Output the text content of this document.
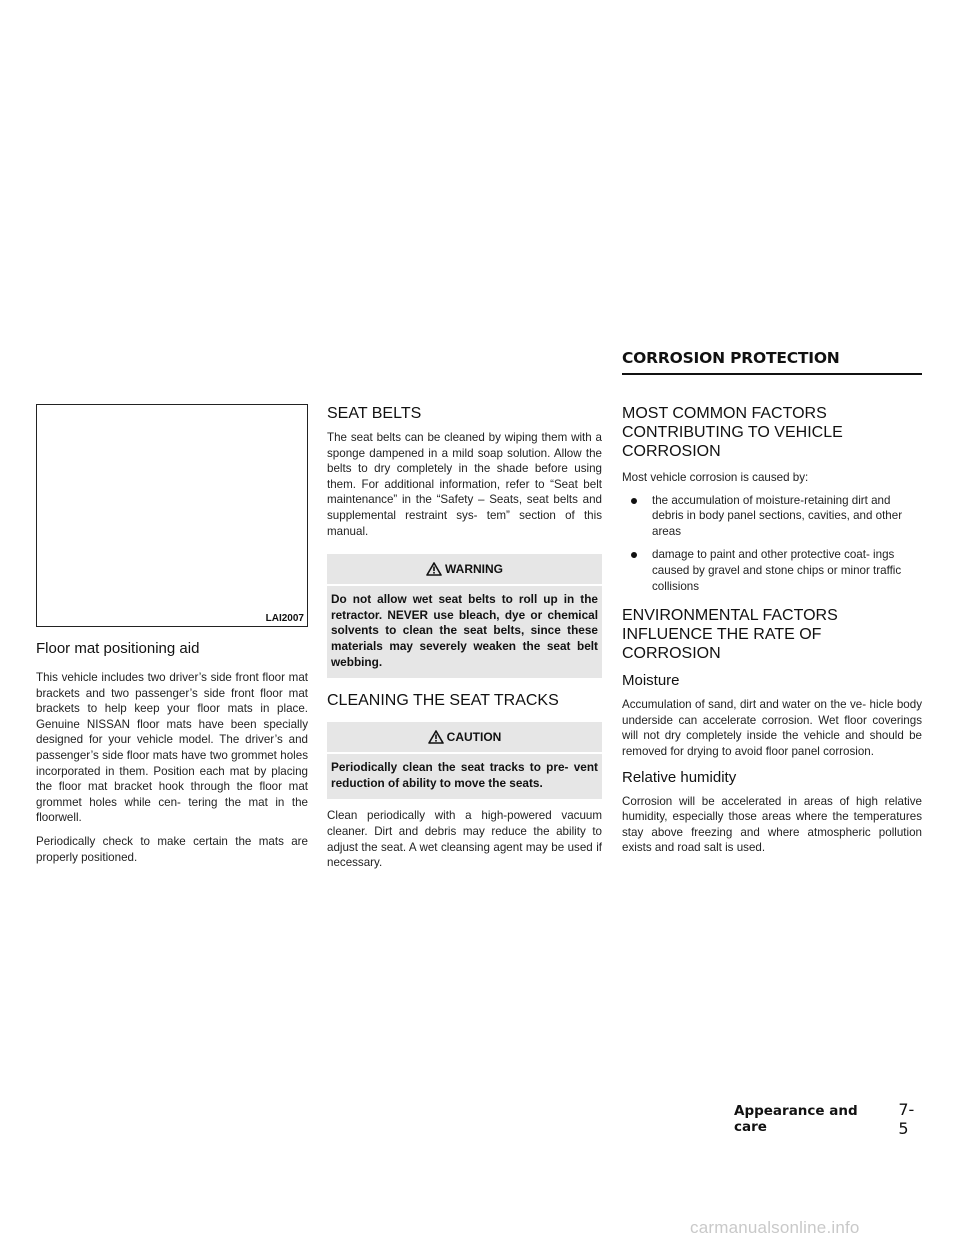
CORROSION PROTECTION
LAI2007
Floor mat positioning aid

This vehicle includes two driver’s side front floor mat brackets and two passenger’s side front floor mat brackets to help keep your floor mats in place. Genuine NISSAN floor mats have been specially designed for your vehicle model. The driver’s and passenger’s side floor mats have two grommet holes incorporated in them. Position each mat by placing the floor mat bracket hook through the floor mat grommet holes while cen- tering the mat in the floorwell.

Periodically check to make certain the mats are properly positioned.

SEAT BELTS

The seat belts can be cleaned by wiping them with a sponge dampened in a mild soap solution. Allow the belts to dry completely in the shade before using them. For additional information, refer to “Seat belt maintenance” in the “Safety – Seats, seat belts and supplemental restraint sys- tem” section of this manual.

WARNING
Do not allow wet seat belts to roll up in the retractor. NEVER use bleach, dye or chemical solvents to clean the seat belts, since these materials may severely weaken the seat belt webbing.
CLEANING THE SEAT TRACKS
CAUTION
Periodically clean the seat tracks to pre- vent reduction of ability to move the seats.

Clean periodically with a high-powered vacuum cleaner. Dirt and debris may reduce the ability to adjust the seat. A wet cleansing agent may be used if necessary.

MOST COMMON FACTORS CONTRIBUTING TO VEHICLE CORROSION

Most vehicle corrosion is caused by:

the accumulation of moisture-retaining dirt and debris in body panel sections, cavities, and other areas
damage to paint and other protective coat- ings caused by gravel and stone chips or minor traffic collisions
ENVIRONMENTAL FACTORS INFLUENCE THE RATE OF CORROSION
Moisture

Accumulation of sand, dirt and water on the ve- hicle body underside can accelerate corrosion. Wet floor coverings will not dry completely inside the vehicle and should be removed for drying to avoid floor panel corrosion.

Relative humidity

Corrosion will be accelerated in areas of high relative humidity, especially those areas where the temperatures stay above freezing and where atmospheric pollution exists and road salt is used.

Appearance and care
7-5
carmanualsonline.info
